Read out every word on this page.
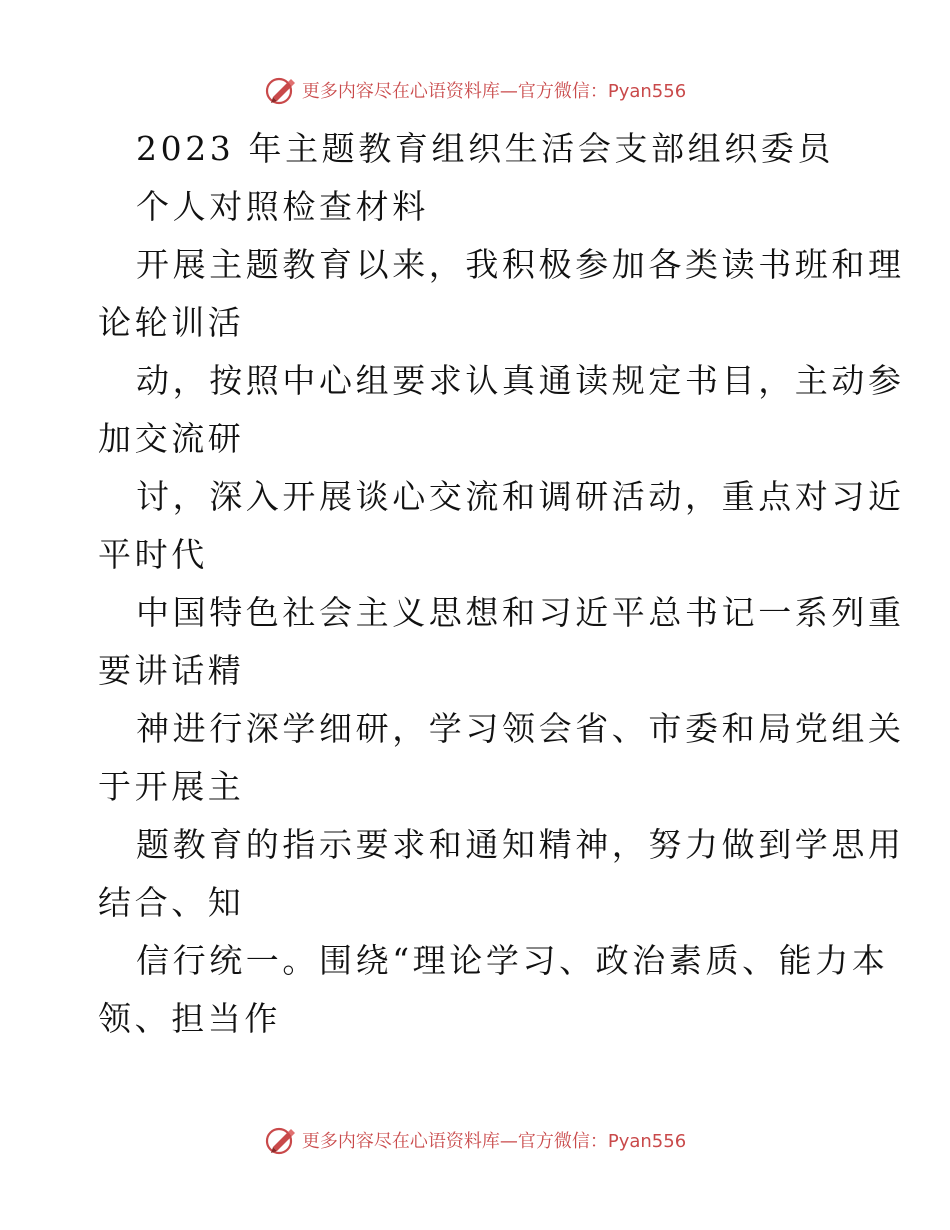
更多内容尽在心语资料库—官方微信：Pyan556
2023 年主题教育组织生活会支部组织委员
个人对照检查材料
开展主题教育以来，我积极参加各类读书班和理
论轮训活
动，按照中心组要求认真通读规定书目，主动参
加交流研
讨，深入开展谈心交流和调研活动，重点对习近
平时代
中国特色社会主义思想和习近平总书记一系列重
要讲话精
神进行深学细研，学习领会省、市委和局党组关
于开展主
题教育的指示要求和通知精神，努力做到学思用
结合、知
信行统一。围绕“理论学习、政治素质、能力本
领、担当作
更多内容尽在心语资料库—官方微信：Pyan556
